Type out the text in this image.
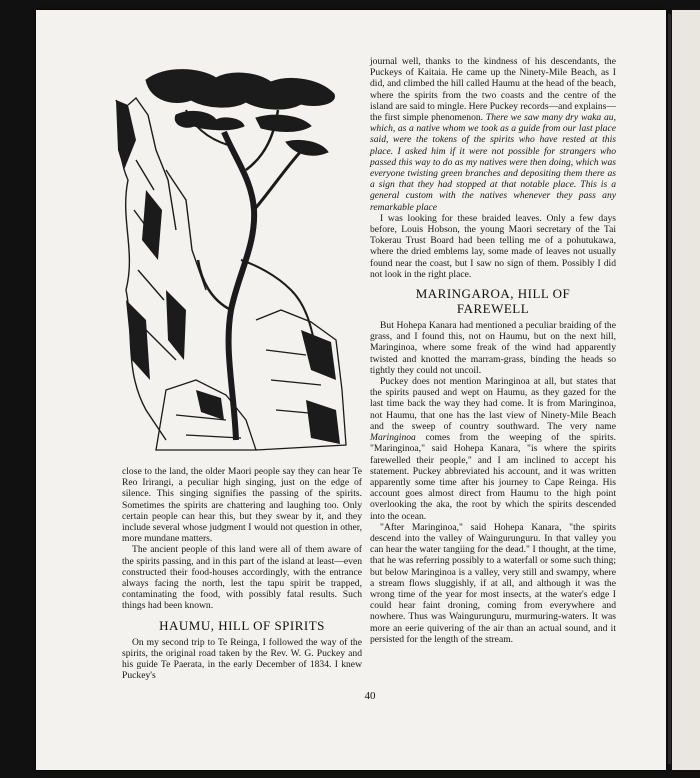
close to the land, the older Maori people say they can hear Te Reo Irirangi, a peculiar high singing, just on the edge of silence. This singing signifies the passing of the spirits. Sometimes the spirits are chattering and laughing too. Only certain people can hear this, but they swear by it, and they include several whose judgment I would not question in other, more mundane matters.

The ancient people of this land were all of them aware of the spirits passing, and in this part of the island at least—even constructed their food-houses accordingly, with the entrance always facing the north, lest the tapu spirit be trapped, contaminating the food, with possibly fatal results. Such things had been known.

HAUMU, HILL OF SPIRITS

On my second trip to Te Reinga, I followed the way of the spirits, the original road taken by the Rev. W. G. Puckey and his guide Te Paerata, in the early December of 1834. I knew Puckey's

journal well, thanks to the kindness of his descendants, the Puckeys of Kaitaia. He came up the Ninety-Mile Beach, as I did, and climbed the hill called Haumu at the head of the beach, where the spirits from the two coasts and the centre of the island are said to mingle. Here Puckey records—and explains— the first simple phenomenon. There we saw many dry waka au, which, as a native whom we took as a guide from our last place said, were the tokens of the spirits who have rested at this place. I asked him if it were not possible for strangers who passed this way to do as my natives were then doing, which was everyone twisting green branches and depositing them there as a sign that they had stopped at that notable place. This is a general custom with the natives whenever they pass any remarkable place

I was looking for these braided leaves. Only a few days before, Louis Hobson, the young Maori secretary of the Tai Tokerau Trust Board had been telling me of a pohutukawa, where the dried emblems lay, some made of leaves not usually found near the coast, but I saw no sign of them. Possibly I did not look in the right place.

MARINGAROA, HILL OF
FAREWELL

But Hohepa Kanara had mentioned a peculiar braiding of the grass, and I found this, not on Haumu, but on the next hill, Maringinoa, where some freak of the wind had apparently twisted and knotted the marram-grass, binding the heads so tightly they could not uncoil.

Puckey does not mention Maringinoa at all, but states that the spirits paused and wept on Haumu, as they gazed for the last time back the way they had come. It is from Maringinoa, not Haumu, that one has the last view of Ninety-Mile Beach and the sweep of country southward. The very name Maringinoa comes from the weeping of the spirits. "Maringinoa," said Hohepa Kanara, "is where the spirits farewelled their people," and I am inclined to accept his statement. Puckey abbreviated his account, and it was written apparently some time after his journey to Cape Reinga. His account goes almost direct from Haumu to the high point overlooking the aka, the root by which the spirits descended into the ocean.

"After Maringinoa," said Hohepa Kanara, "the spirits descend into the valley of Waingurunguru. In that valley you can hear the water tangiing for the dead." I thought, at the time, that he was referring possibly to a waterfall or some such thing; but below Maringinoa is a valley, very still and swampy, where a stream flows sluggishly, if at all, and although it was the wrong time of the year for most insects, at the water's edge I could hear faint droning, coming from everywhere and nowhere. Thus was Waingurunguru, murmuring-waters. It was more an eerie quivering of the air than an actual sound, and it persisted for the length of the stream.

40
